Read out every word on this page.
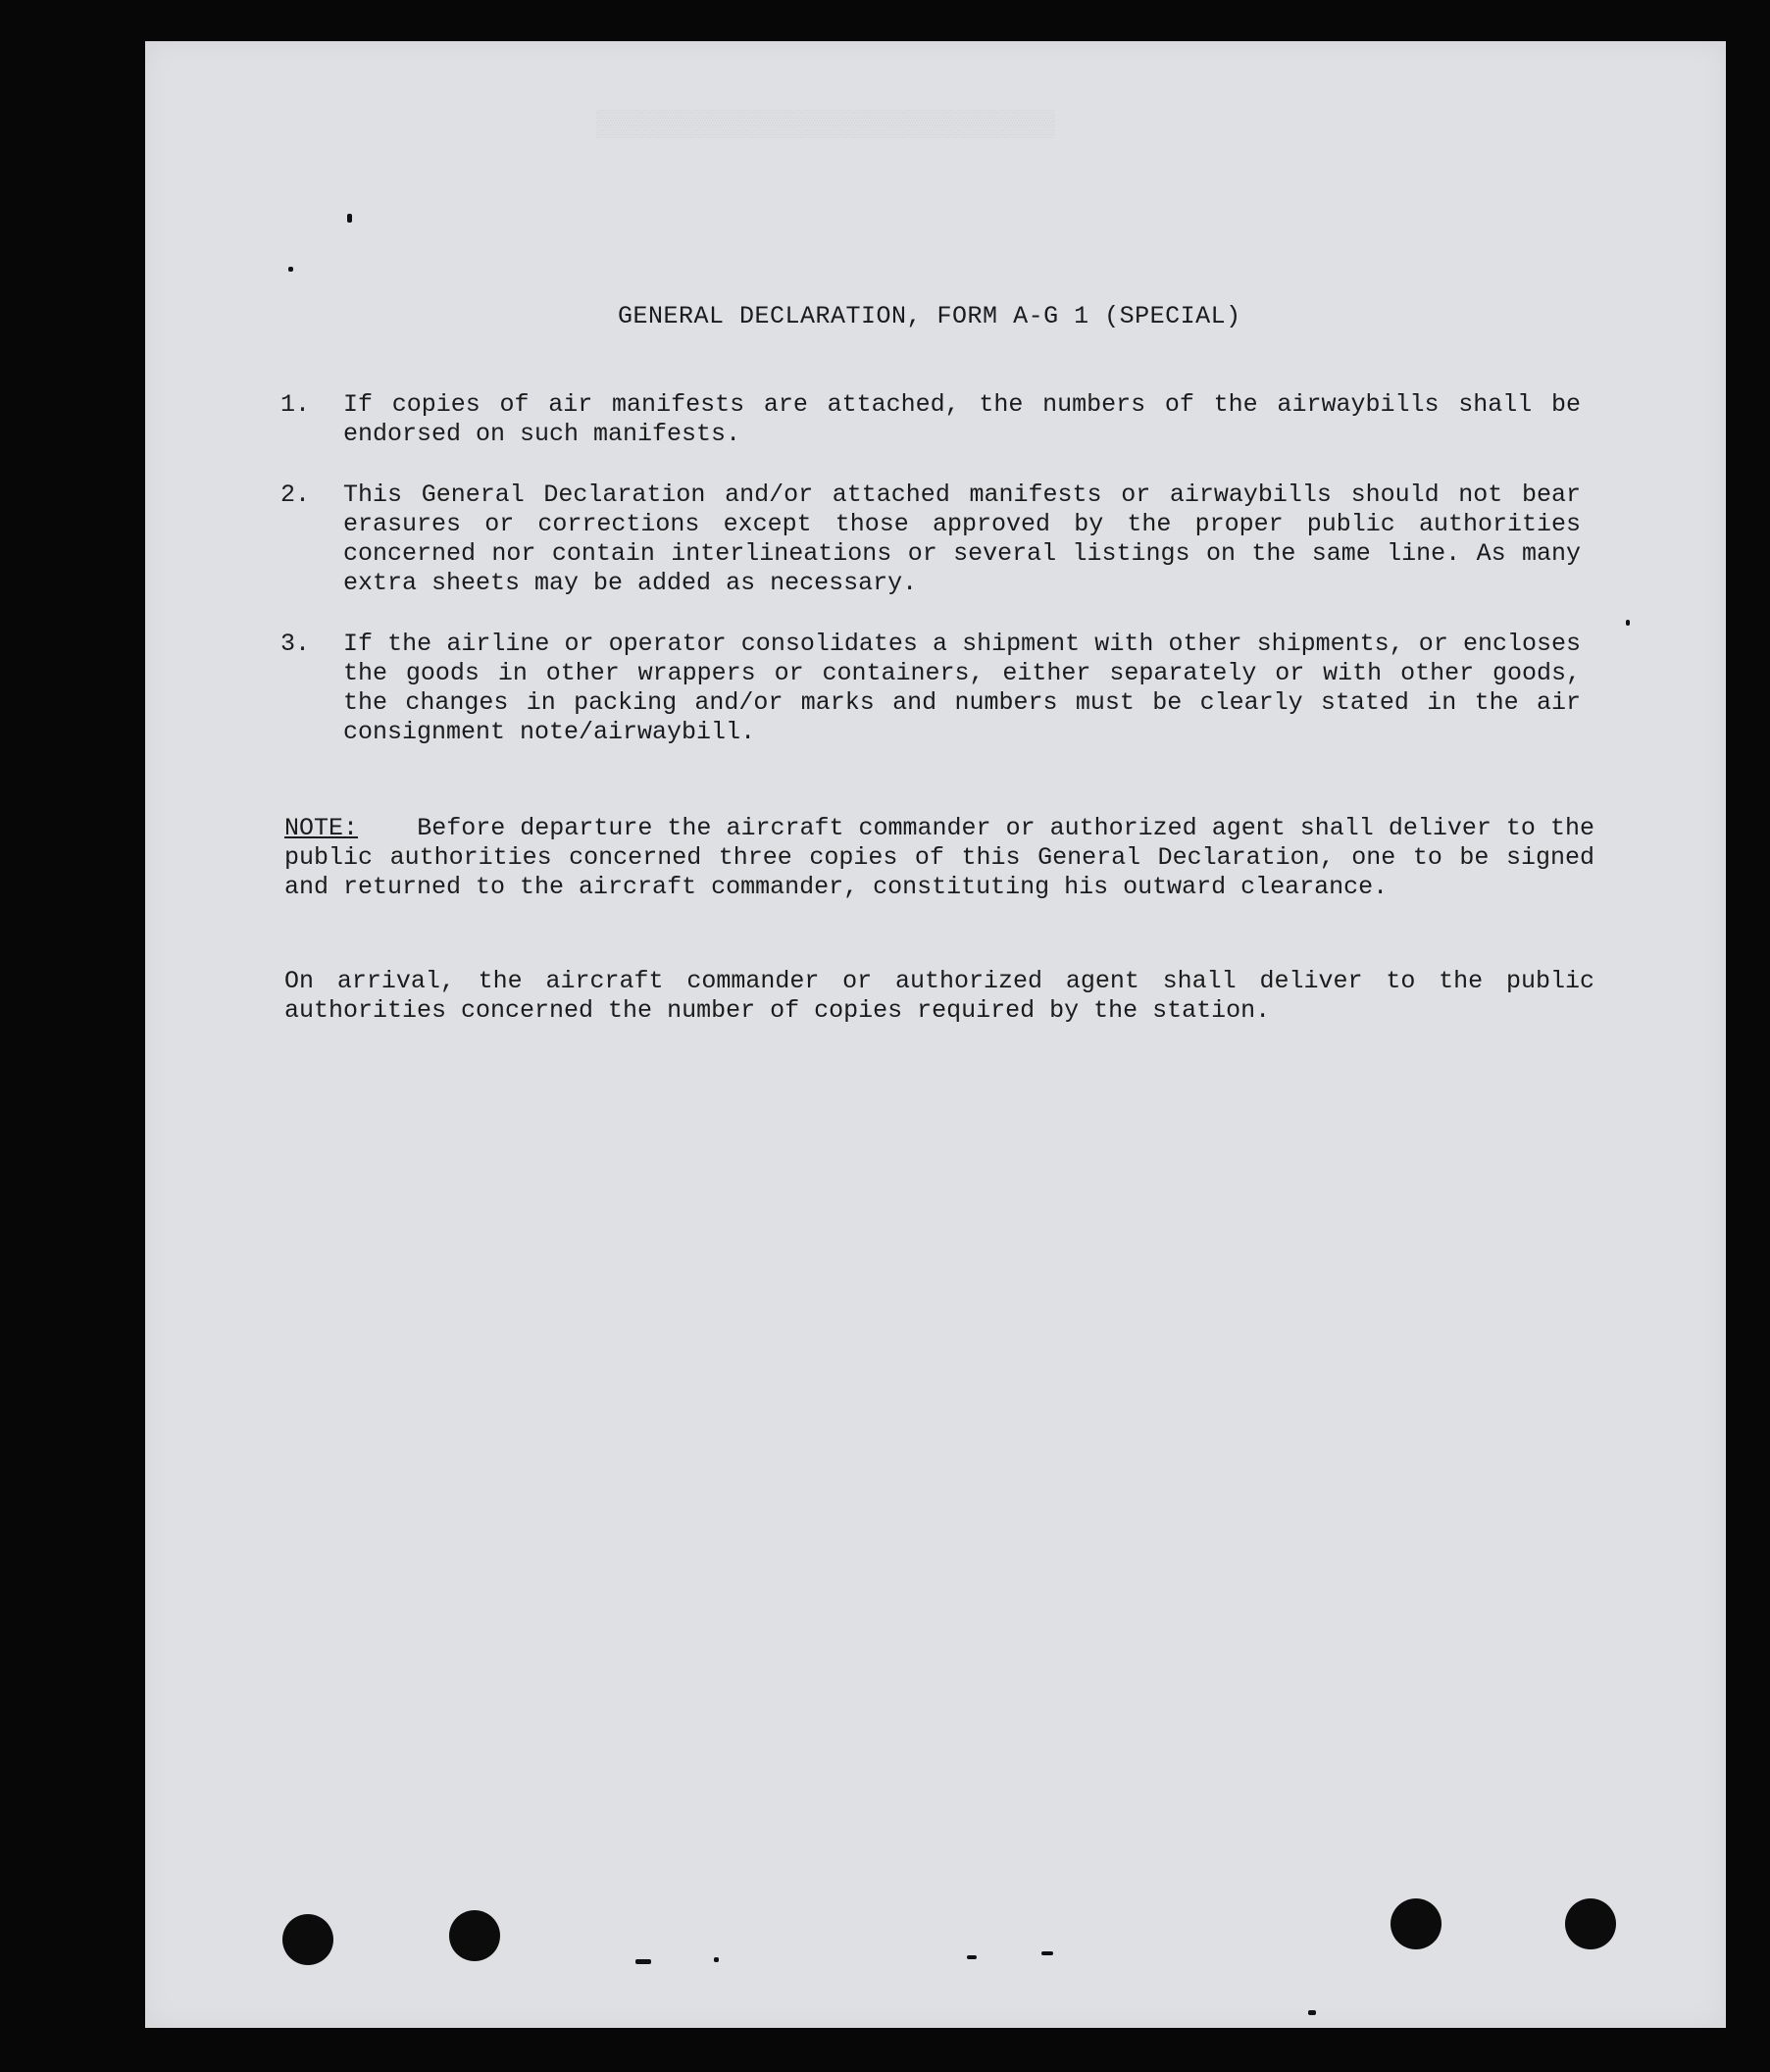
▒▒▒▒▒▒▒▒▒▒▒▒▒▒▒▒▒▒▒▒▒▒▒▒▒▒▒▒▒▒
GENERAL DECLARATION, FORM A-G 1 (SPECIAL)
1.	If copies of air manifests are attached, the numbers of the airwaybills shall be endorsed on such manifests.
2.	This General Declaration and/or attached manifests or airwaybills should not bear erasures or corrections except those approved by the proper public authorities concerned nor contain interlineations or several listings on the same line. As many extra sheets may be added as necessary.
3.	If the airline or operator consolidates a shipment with other shipments, or encloses the goods in other wrappers or containers, either separately or with other goods, the changes in packing and/or marks and numbers must be clearly stated in the air consignment note/airwaybill.
NOTE: Before departure the aircraft commander or authorized agent shall deliver to the public authorities concerned three copies of this General Declaration, one to be signed and returned to the aircraft commander, constituting his outward clearance.
On arrival, the aircraft commander or authorized agent shall deliver to the public authorities concerned the number of copies required by the station.
